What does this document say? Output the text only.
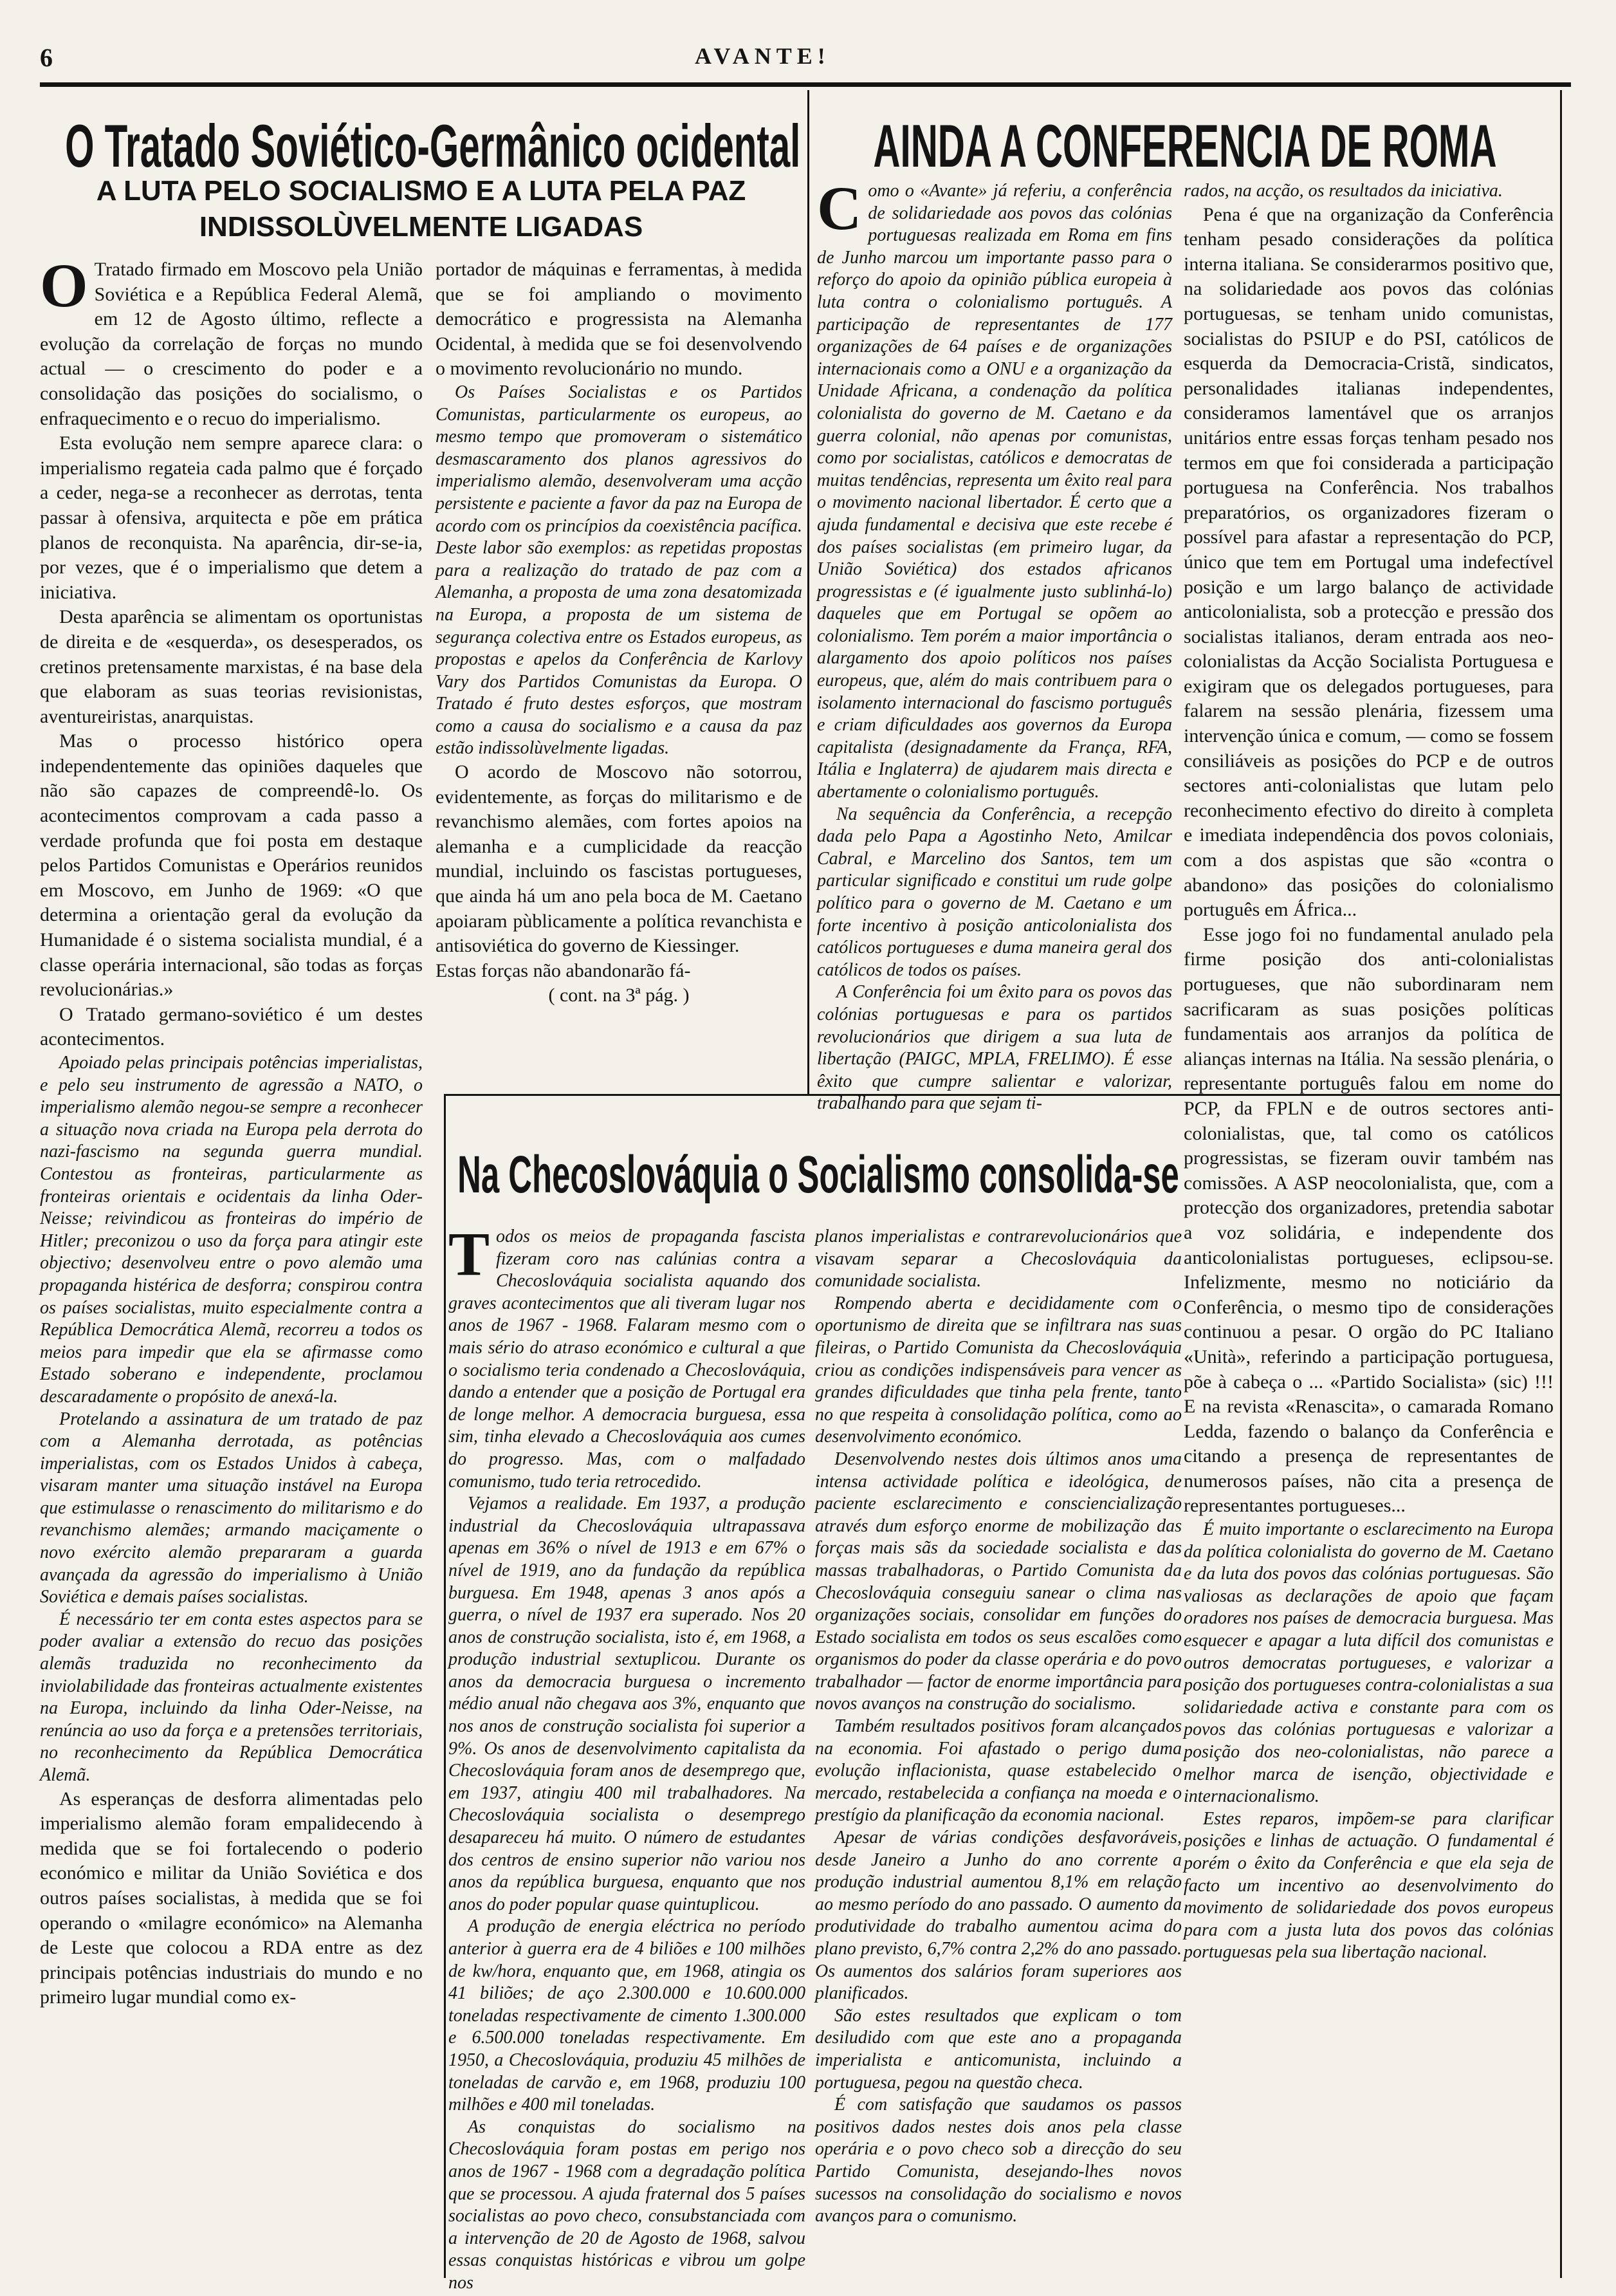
6	AVANTE!
O Tratado Soviético-Germânico ocidental
A LUTA PELO SOCIALISMO E A LUTA PELA PAZ
INDISSOLÙVELMENTE LIGADAS

O Tratado firmado em Moscovo pela União Soviética e a República Federal Alemã, em 12 de Agosto último, reflecte a evolução da correlação de forças no mundo actual — o crescimento do poder e a consolidação das posições do socialismo, o enfraquecimento e o recuo do imperialismo.

Esta evolução nem sempre aparece clara: o imperialismo regateia cada palmo que é forçado a ceder, nega-se a reconhecer as derrotas, tenta passar à ofensiva, arquitecta e põe em prática planos de reconquista. Na aparência, dir-se-ia, por vezes, que é o imperialismo que detem a iniciativa.

Desta aparência se alimentam os oportunistas de direita e de «esquerda», os desesperados, os cretinos pretensamente marxistas, é na base dela que elaboram as suas teorias revisionistas, aventureiristas, anarquistas.

Mas o processo histórico opera independentemente das opiniões daqueles que não são capazes de compreendê-lo. Os acontecimentos comprovam a cada passo a verdade profunda que foi posta em destaque pelos Partidos Comunistas e Operários reunidos em Moscovo, em Junho de 1969: «O que determina a orientação geral da evolução da Humanidade é o sistema socialista mundial, é a classe operária internacional, são todas as forças revolucionárias.»

O Tratado germano-soviético é um destes acontecimentos.

Apoiado pelas principais potências imperialistas, e pelo seu instrumento de agressão a NATO, o imperialismo alemão negou-se sempre a reconhecer a situação nova criada na Europa pela derrota do nazi-fascismo na segunda guerra mundial. Contestou as fronteiras, particularmente as fronteiras orientais e ocidentais da linha Oder-Neisse; reivindicou as fronteiras do império de Hitler; preconizou o uso da força para atingir este objectivo; desenvolveu entre o povo alemão uma propaganda histérica de desforra; conspirou contra os países socialistas, muito especialmente contra a República Democrática Alemã, recorreu a todos os meios para impedir que ela se afirmasse como Estado soberano e independente, proclamou descaradamente o propósito de anexá-la.

Protelando a assinatura de um tratado de paz com a Alemanha derrotada, as potências imperialistas, com os Estados Unidos à cabeça, visaram manter uma situação instável na Europa que estimulasse o renascimento do militarismo e do revanchismo alemães; armando maciçamente o novo exército alemão prepararam a guarda avançada da agressão do imperialismo à União Soviética e demais países socialistas.

É necessário ter em conta estes aspectos para se poder avaliar a extensão do recuo das posições alemãs traduzida no reconhecimento da inviolabilidade das fronteiras actualmente existentes na Europa, incluindo da linha Oder-Neisse, na renúncia ao uso da força e a pretensões territoriais, no reconhecimento da República Democrática Alemã.

As esperanças de desforra alimentadas pelo imperialismo alemão foram empalidecendo à medida que se foi fortalecendo o poderio económico e militar da União Soviética e dos outros países socialistas, à medida que se foi operando o «milagre económico» na Alemanha de Leste que colocou a RDA entre as dez principais potências industriais do mundo e no primeiro lugar mundial como ex-

portador de máquinas e ferramentas, à medida que se foi ampliando o movimento democrático e progressista na Alemanha Ocidental, à medida que se foi desenvolvendo o movimento revolucionário no mundo.

Os Países Socialistas e os Partidos Comunistas, particularmente os europeus, ao mesmo tempo que promoveram o sistemático desmascaramento dos planos agressivos do imperialismo alemão, desenvolveram uma acção persistente e paciente a favor da paz na Europa de acordo com os princípios da coexistência pacífica. Deste labor são exemplos: as repetidas propostas para a realização do tratado de paz com a Alemanha, a proposta de uma zona desatomizada na Europa, a proposta de um sistema de segurança colectiva entre os Estados europeus, as propostas e apelos da Conferência de Karlovy Vary dos Partidos Comunistas da Europa. O Tratado é fruto destes esforços, que mostram como a causa do socialismo e a causa da paz estão indissolùvelmente ligadas.

O acordo de Moscovo não sotorrou, evidentemente, as forças do militarismo e de revanchismo alemães, com fortes apoios na alemanha e a cumplicidade da reacção mundial, incluindo os fascistas portugueses, que ainda há um ano pela boca de M. Caetano apoiaram pùblicamente a política revanchista e antisoviética do governo de Kiessinger.

Estas forças não abandonarão fá-

( cont. na 3ª pág. )

AINDA A CONFERENCIA DE ROMA

Como o «Avante» já referiu, a conferência de solidariedade aos povos das colónias portuguesas realizada em Roma em fins de Junho marcou um importante passo para o reforço do apoio da opinião pública europeia à luta contra o colonialismo português. A participação de representantes de 177 organizações de 64 países e de organizações internacionais como a ONU e a organização da Unidade Africana, a condenação da política colonialista do governo de M. Caetano e da guerra colonial, não apenas por comunistas, como por socialistas, católicos e democratas de muitas tendências, representa um êxito real para o movimento nacional libertador. É certo que a ajuda fundamental e decisiva que este recebe é dos países socialistas (em primeiro lugar, da União Soviética) dos estados africanos progressistas e (é igualmente justo sublinhá-lo) daqueles que em Portugal se opõem ao colonialismo. Tem porém a maior importância o alargamento dos apoio políticos nos países europeus, que, além do mais contribuem para o isolamento internacional do fascismo português e criam dificuldades aos governos da Europa capitalista (designadamente da França, RFA, Itália e Inglaterra) de ajudarem mais directa e abertamente o colonialismo português.

Na sequência da Conferência, a recepção dada pelo Papa a Agostinho Neto, Amilcar Cabral, e Marcelino dos Santos, tem um particular significado e constitui um rude golpe político para o governo de M. Caetano e um forte incentivo à posição anticolonialista dos católicos portugueses e duma maneira geral dos católicos de todos os países.

A Conferência foi um êxito para os povos das colónias portuguesas e para os partidos revolucionários que dirigem a sua luta de libertação (PAIGC, MPLA, FRELIMO). É esse êxito que cumpre salientar e valorizar, trabalhando para que sejam ti-

rados, na acção, os resultados da iniciativa.

Pena é que na organização da Conferência tenham pesado considerações da política interna italiana. Se considerarmos positivo que, na solidariedade aos povos das colónias portuguesas, se tenham unido comunistas, socialistas do PSIUP e do PSI, católicos de esquerda da Democracia-Cristã, sindicatos, personalidades italianas independentes, consideramos lamentável que os arranjos unitários entre essas forças tenham pesado nos termos em que foi considerada a participação portuguesa na Conferência. Nos trabalhos preparatórios, os organizadores fizeram o possível para afastar a representação do PCP, único que tem em Portugal uma indefectível posição e um largo balanço de actividade anticolonialista, sob a protecção e pressão dos socialistas italianos, deram entrada aos neo-colonialistas da Acção Socialista Portuguesa e exigiram que os delegados portugueses, para falarem na sessão plenária, fizessem uma intervenção única e comum, — como se fossem consiliáveis as posições do PCP e de outros sectores anti-colonialistas que lutam pelo reconhecimento efectivo do direito à completa e imediata independência dos povos coloniais, com a dos aspistas que são «contra o abandono» das posições do colonialismo português em África...

Esse jogo foi no fundamental anulado pela firme posição dos anti-colonialistas portugueses, que não subordinaram nem sacrificaram as suas posições políticas fundamentais aos arranjos da política de alianças internas na Itália. Na sessão plenária, o representante português falou em nome do PCP, da FPLN e de outros sectores anti-colonialistas, que, tal como os católicos progressistas, se fizeram ouvir também nas comissões. A ASP neocolonialista, que, com a protecção dos organizadores, pretendia sabotar a voz solidária, e independente dos anticolonialistas portugueses, eclipsou-se. Infelizmente, mesmo no noticiário da Conferência, o mesmo tipo de considerações continuou a pesar. O orgão do PC Italiano «Unità», referindo a participação portuguesa, põe à cabeça o ... «Partido Socialista» (sic) !!! E na revista «Renascita», o camarada Romano Ledda, fazendo o balanço da Conferência e citando a presença de representantes de numerosos países, não cita a presença de representantes portugueses...

É muito importante o esclarecimento na Europa da política colonialista do governo de M. Caetano e da luta dos povos das colónias portuguesas. São valiosas as declarações de apoio que façam oradores nos países de democracia burguesa. Mas esquecer e apagar a luta difícil dos comunistas e outros democratas portugueses, e valorizar a posição dos portugueses contra-colonialistas a sua solidariedade activa e constante para com os povos das colónias portuguesas e valorizar a posição dos neo-colonialistas, não parece a melhor marca de isenção, objectividade e internacionalismo.

Estes reparos, impõem-se para clarificar posições e linhas de actuação. O fundamental é porém o êxito da Conferência e que ela seja de facto um incentivo ao desenvolvimento do movimento de solidariedade dos povos europeus para com a justa luta dos povos das colónias portuguesas pela sua libertação nacional.

Na Checoslováquia o Socialismo consolida-se

Todos os meios de propaganda fascista fizeram coro nas calúnias contra a Checoslováquia socialista aquando dos graves acontecimentos que ali tiveram lugar nos anos de 1967 - 1968. Falaram mesmo com o mais sério do atraso económico e cultural a que o socialismo teria condenado a Checoslováquia, dando a entender que a posição de Portugal era de longe melhor. A democracia burguesa, essa sim, tinha elevado a Checoslováquia aos cumes do progresso. Mas, com o malfadado comunismo, tudo teria retrocedido.

Vejamos a realidade. Em 1937, a produção industrial da Checoslováquia ultrapassava apenas em 36% o nível de 1913 e em 67% o nível de 1919, ano da fundação da república burguesa. Em 1948, apenas 3 anos após a guerra, o nível de 1937 era superado. Nos 20 anos de construção socialista, isto é, em 1968, a produção industrial sextuplicou. Durante os anos da democracia burguesa o incremento médio anual não chegava aos 3%, enquanto que nos anos de construção socialista foi superior a 9%. Os anos de desenvolvimento capitalista da Checoslováquia foram anos de desemprego que, em 1937, atingiu 400 mil trabalhadores. Na Checoslováquia socialista o desemprego desapareceu há muito. O número de estudantes dos centros de ensino superior não variou nos anos da república burguesa, enquanto que nos anos do poder popular quase quintuplicou.

A produção de energia eléctrica no período anterior à guerra era de 4 biliões e 100 milhões de kw/hora, enquanto que, em 1968, atingia os 41 biliões; de aço 2.300.000 e 10.600.000 toneladas respectivamente de cimento 1.300.000 e 6.500.000 toneladas respectivamente. Em 1950, a Checoslováquia, produziu 45 milhões de toneladas de carvão e, em 1968, produziu 100 milhões e 400 mil toneladas.

As conquistas do socialismo na Checoslováquia foram postas em perigo nos anos de 1967 - 1968 com a degradação política que se processou. A ajuda fraternal dos 5 países socialistas ao povo checo, consubstanciada com a intervenção de 20 de Agosto de 1968, salvou essas conquistas históricas e vibrou um golpe nos

planos imperialistas e contrarevolucionários que visavam separar a Checoslováquia da comunidade socialista.

Rompendo aberta e decididamente com o oportunismo de direita que se infiltrara nas suas fileiras, o Partido Comunista da Checoslováquia criou as condições indispensáveis para vencer as grandes dificuldades que tinha pela frente, tanto no que respeita à consolidação política, como ao desenvolvimento económico.

Desenvolvendo nestes dois últimos anos uma intensa actividade política e ideológica, de paciente esclarecimento e consciencialização através dum esforço enorme de mobilização das forças mais sãs da sociedade socialista e das massas trabalhadoras, o Partido Comunista da Checoslováquia conseguiu sanear o clima nas organizações sociais, consolidar em funções do Estado socialista em todos os seus escalões como organismos do poder da classe operária e do povo trabalhador — factor de enorme importância para novos avanços na construção do socialismo.

Também resultados positivos foram alcançados na economia. Foi afastado o perigo duma evolução inflacionista, quase estabelecido o mercado, restabelecida a confiança na moeda e o prestígio da planificação da economia nacional.

Apesar de várias condições desfavoráveis, desde Janeiro a Junho do ano corrente a produção industrial aumentou 8,1% em relação ao mesmo período do ano passado. O aumento da produtividade do trabalho aumentou acima do plano previsto, 6,7% contra 2,2% do ano passado. Os aumentos dos salários foram superiores aos planificados.

São estes resultados que explicam o tom desiludido com que este ano a propaganda imperialista e anticomunista, incluindo a portuguesa, pegou na questão checa.

É com satisfação que saudamos os passos positivos dados nestes dois anos pela classe operária e o povo checo sob a direcção do seu Partido Comunista, desejando-lhes novos sucessos na consolidação do socialismo e novos avanços para o comunismo.
